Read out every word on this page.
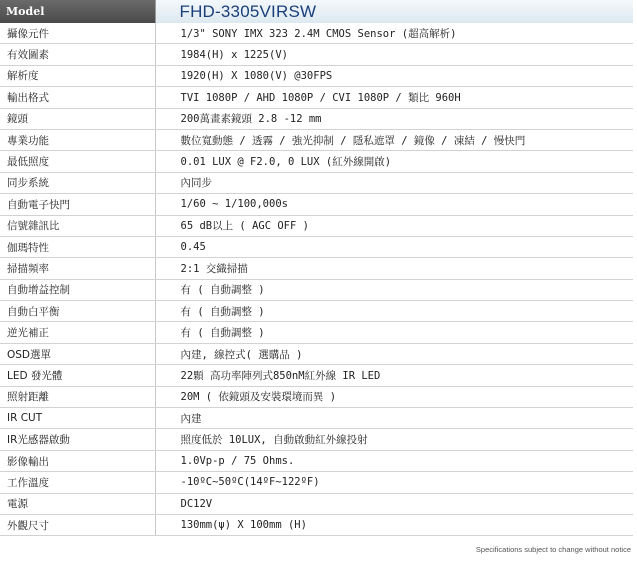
Model	FHD-3305VIRSW
攝像元件	1/3" SONY IMX 323 2.4M CMOS Sensor (超高解析)
有效圖素	1984(H) x 1225(V)
解析度	1920(H) X 1080(V) @30FPS
輸出格式	TVI 1080P / AHD 1080P / CVI 1080P / 類比 960H
鏡頭	200萬畫素鏡頭 2.8 -12 mm
專業功能	數位寬動態 / 透霧 / 強光抑制 / 隱私遮罩 / 鏡像 / 凍結 / 慢快門
最低照度	0.01 LUX @ F2.0, 0 LUX (紅外線開啟)
同步系統	內同步
自動電子快門	1/60 ~ 1/100,000s
信號雜訊比	65 dB以上 ( AGC OFF )
伽瑪特性	0.45
掃描頻率	2:1 交織掃描
自動增益控制	有 ( 自動調整 )
自動白平衡	有 ( 自動調整 )
逆光補正	有 ( 自動調整 )
OSD選單	內建, 線控式( 選購品 )
LED 發光體	22顆 高功率陣列式850nM紅外線 IR LED
照射距離	20M ( 依鏡頭及安裝環境而異 )
IR CUT	內建
IR光感器啟動	照度低於 10LUX, 自動啟動紅外線投射
影像輸出	1.0Vp-p / 75 Ohms.
工作溫度	-10ºC~50ºC(14ºF~122ºF)
電源	DC12V
外觀尺寸	130mm(ψ) X 100mm (H)
Specifications subject to change without notice
